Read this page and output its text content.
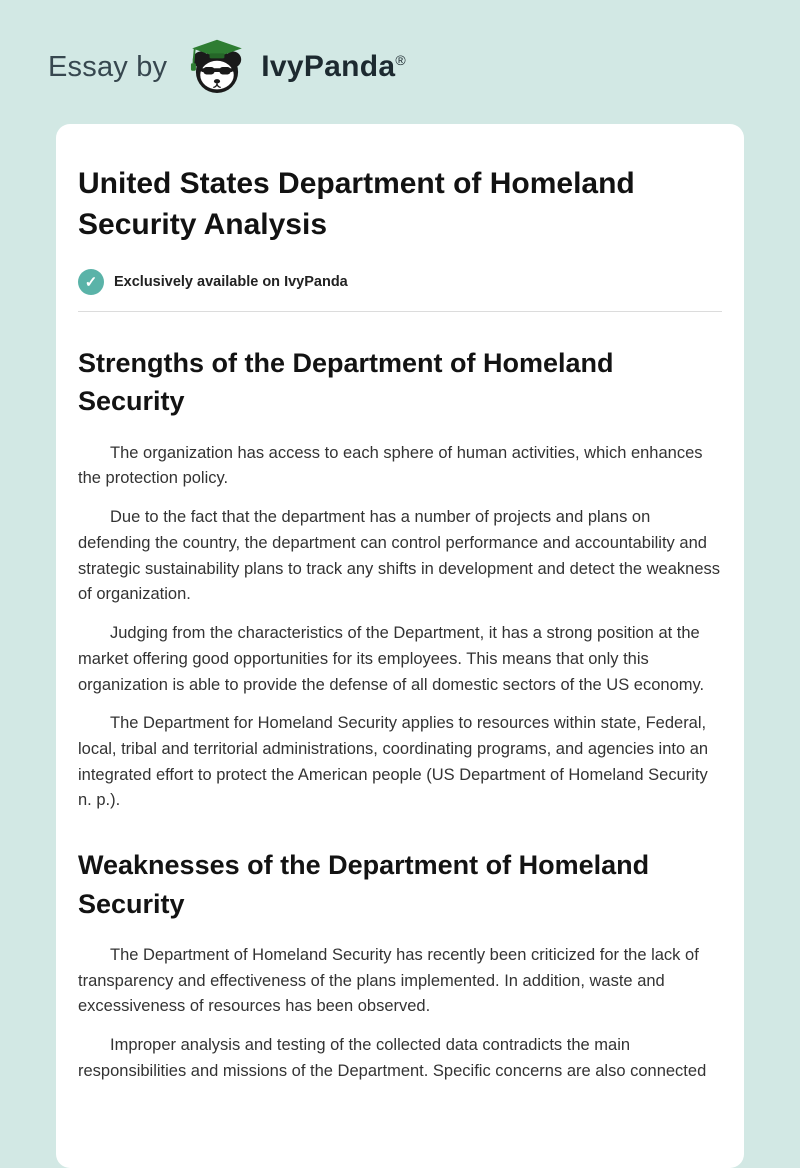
Essay by	IvyPanda®
United States Department of Homeland Security Analysis
✓	Exclusively available on IvyPanda
Strengths of the Department of Homeland Security

The organization has access to each sphere of human activities, which enhances the protection policy.

Due to the fact that the department has a number of projects and plans on defending the country, the department can control performance and accountability and strategic sustainability plans to track any shifts in development and detect the weakness of organization.

Judging from the characteristics of the Department, it has a strong position at the market offering good opportunities for its employees. This means that only this organization is able to provide the defense of all domestic sectors of the US economy.

The Department for Homeland Security applies to resources within state, Federal, local, tribal and territorial administrations, coordinating programs, and agencies into an integrated effort to protect the American people (US Department of Homeland Security n. p.).

Weaknesses of the Department of Homeland Security

The Department of Homeland Security has recently been criticized for the lack of transparency and effectiveness of the plans implemented. In addition, waste and excessiveness of resources has been observed.

Improper analysis and testing of the collected data contradicts the main responsibilities and missions of the Department. Specific concerns are also connected
